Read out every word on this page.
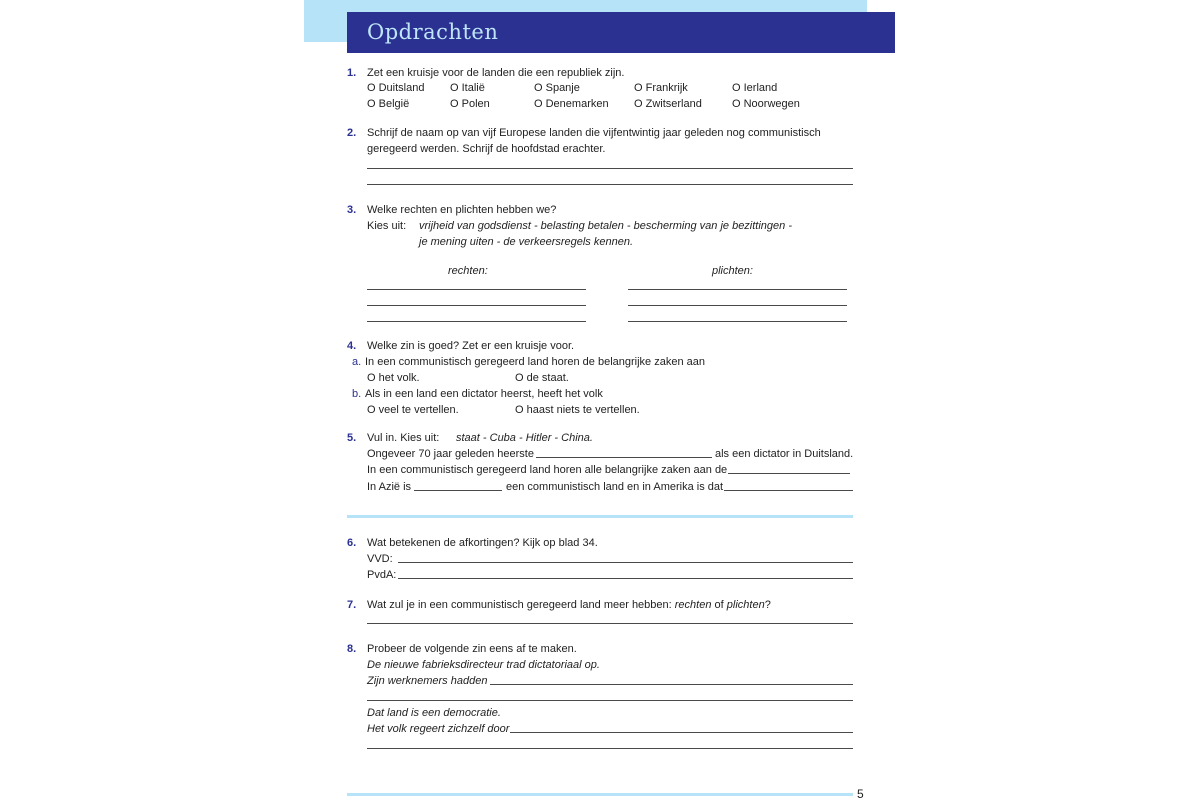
Opdrachten
1. Zet een kruisje voor de landen die een republiek zijn.
O Duitsland O Italië	O Spanje	O Frankrijk	O Ierland
O België	O Polen	O Denemarken O Zwitserland	O Noorwegen
2. Schrijf de naam op van vijf Europese landen die vijfentwintig jaar geleden nog communistisch
geregeerd werden. Schrijf de hoofdstad erachter.
3. Welke rechten en plichten hebben we?
Kies uit: vrijheid van godsdienst - belasting betalen - bescherming van je bezittingen -
je mening uiten - de verkeersregels kennen.
rechten:	plichten:
4. Welke zin is goed? Zet er een kruisje voor.
a. In een communistisch geregeerd land horen de belangrijke zaken aan
O het volk.	O de staat.
b. Als in een land een dictator heerst, heeft het volk
O veel te vertellen.	O haast niets te vertellen.
5. Vul in. Kies uit: staat - Cuba - Hitler - China.
Ongeveer 70 jaar geleden heerste	als een dictator in Duitsland.
In een communistisch geregeerd land horen alle belangrijke zaken aan de
In Azië is	een communistisch land en in Amerika is dat
6. Wat betekenen de afkortingen? Kijk op blad 34.
VVD:
PvdA:
7. Wat zul je in een communistisch geregeerd land meer hebben: rechten of plichten?
8. Probeer de volgende zin eens af te maken.
De nieuwe fabrieksdirecteur trad dictatoriaal op.
Zijn werknemers hadden
Dat land is een democratie.
Het volk regeert zichzelf door
5
